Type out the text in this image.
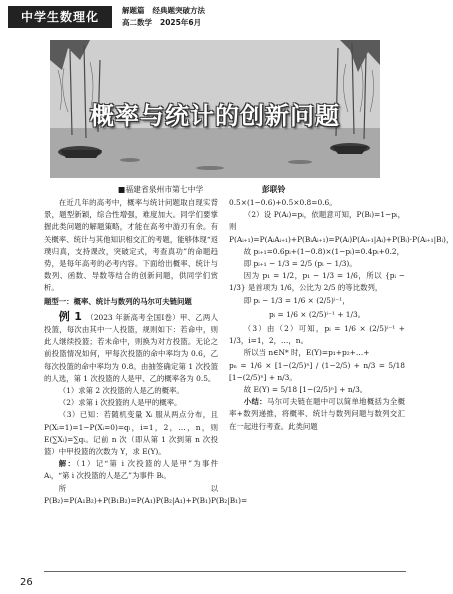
中学生数理化	解题篇 经典题突破方法
高二数学 2025年6月
概率与统计的创新问题
■福建省泉州市第七中学	彭联铃
在近几年的高考中，概率与统计问题取自现实背景，题型新颖，综合性增强，难度加大。同学们要掌握此类问题的解题策略，才能在高考中游刃有余。有关概率、统计与其他知识相交汇的考题，能够体现“返璞归真，支持课改，突破定式，考查真功”的命题趋势，是每年高考的必考内容。下面给出概率、统计与数列、函数、导数等结合的创新问题，供同学们赏析。
题型一：概率、统计与数列的马尔可夫链问题
例 1 （2023 年新高考全国Ⅰ卷）甲、乙两人投篮，每次由其中一人投篮，规则如下：若命中，则此人继续投篮；若未命中，则换为对方投篮。无论之前投篮情况如何，甲每次投篮的命中率均为 0.6，乙每次投篮的命中率均为 0.8。由抽签确定第 1 次投篮的人选，第 1 次投篮的人是甲、乙的概率各为 0.5。
（1）求第 2 次投篮的人是乙的概率。
（2）求第 i 次投篮的人是甲的概率。
（3）已知：若随机变量 Xᵢ 服从两点分布，且 P(Xᵢ=1)=1−P(Xᵢ=0)=qᵢ，i=1，2，…，n，则 E(∑Xᵢ)=∑qᵢ。记前 n 次（即从第 1 次到第 n 次投篮）中甲投篮的次数为 Y，求 E(Y)。
解：（1）记“第 i 次投篮的人是甲”为事件 Aᵢ，“第 i 次投篮的人是乙”为事件 Bᵢ。
所以 P(B₂)=P(A₁B₂)+P(B₁B₂)=P(A₁)P(B₂|A₁)+P(B₁)P(B₂|B₁)=
0.5×(1−0.6)+0.5×0.8=0.6。
（2）设 P(Aᵢ)=pᵢ，依题意可知，P(Bᵢ)=1−pᵢ，则 P(Aᵢ₊₁)=P(AᵢAᵢ₊₁)+P(BᵢAᵢ₊₁)=P(Aᵢ)P(Aᵢ₊₁|Aᵢ)+P(Bᵢ)·P(Aᵢ₊₁|Bᵢ)，
故 pᵢ₊₁=0.6pᵢ+(1−0.8)×(1−pᵢ)=0.4pᵢ+0.2，
即 pᵢ₊₁ − 1/3 = 2/5 (pᵢ − 1/3)。
因为 p₁ = 1/2，p₁ − 1/3 = 1/6，所以 {pᵢ − 1/3} 是首项为 1/6，公比为 2/5 的等比数列，
即 pᵢ − 1/3 = 1/6 × (2/5)ⁱ⁻¹，
pᵢ = 1/6 × (2/5)ⁱ⁻¹ + 1/3。
（3）由（2）可知，pᵢ = 1/6 × (2/5)ⁱ⁻¹ + 1/3，i=1，2，…，n。
所以当 n∈N* 时，E(Y)=p₁+p₂+…+
pₙ = 1/6 × [1−(2/5)ⁿ] / (1−2/5) + n/3 = 5/18 [1−(2/5)ⁿ] + n/3。
故 E(Y) = 5/18 [1−(2/5)ⁿ] + n/3。
小结：马尔可夫链在题中可以简单地概括为全概率+数列递推，将概率、统计与数列问题与数列交汇在一起进行考查。此类问题
26
